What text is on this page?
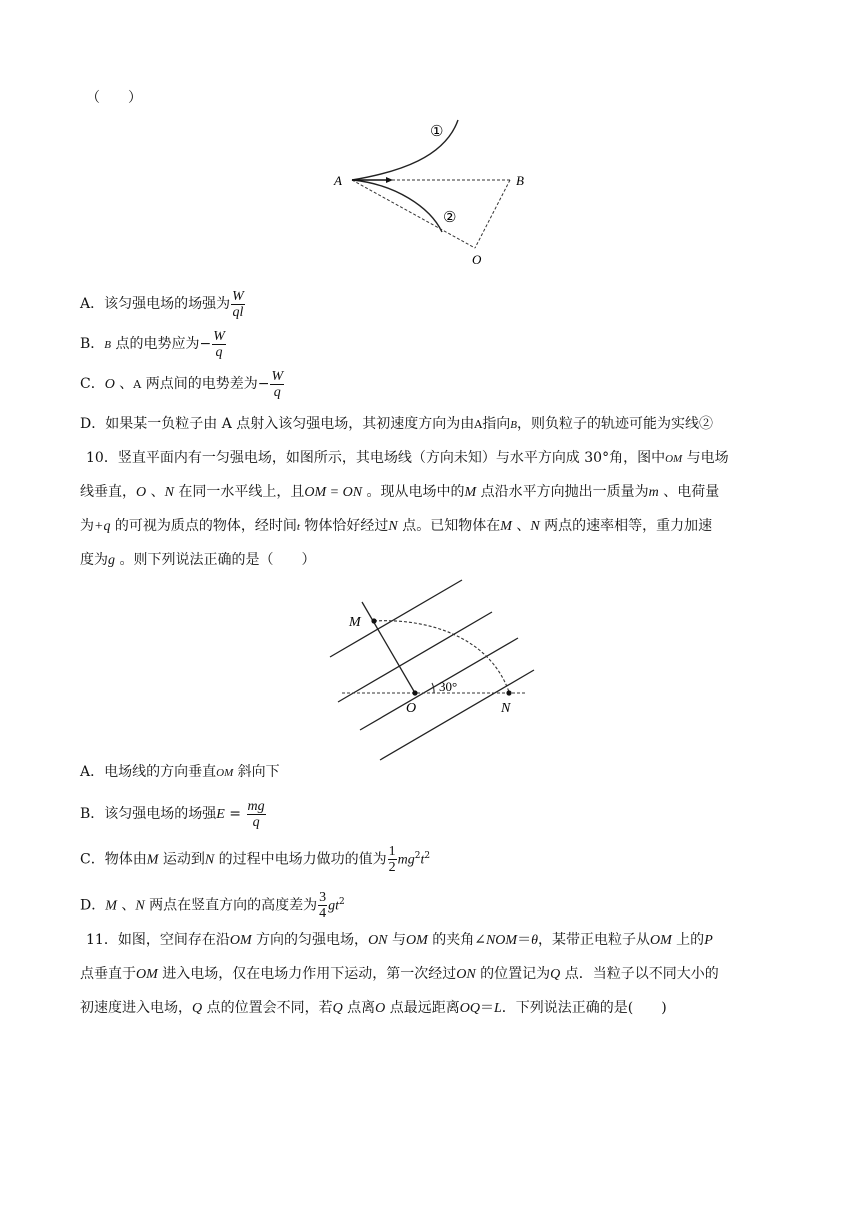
（　　）
A	B
O
①
②
A．该匀强电场的场强为 $\frac{W}{ql}$
B．B 点的电势应为− $\frac{W}{q}$
C．O 、A 两点间的电势差为− $\frac{W}{q}$
D．如果某一负粒子由 A 点射入该匀强电场，其初速度方向为由A指向B，则负粒子的轨迹可能为实线②
10．竖直平面内有一匀强电场，如图所示，其电场线（方向未知）与水平方向成 30°角，图中OM 与电场
线垂直，O 、N 在同一水平线上，且OM = ON 。现从电场中的M 点沿水平方向抛出一质量为m 、电荷量
为+q 的可视为质点的物体，经时间t 物体恰好经过N 点。已知物体在M 、N 两点的速率相等，重力加速
度为g 。则下列说法正确的是（　　）
M
O	N
30°
A．电场线的方向垂直OM 斜向下
B．该匀强电场的场强$E = \frac{mg}{q}$
C．物体由M 运动到N 的过程中电场力做功的值为 $\frac{1}{2} mg^2t^2$
D．M 、N 两点在竖直方向的高度差为 $\frac{3}{4} gt^2$
11．如图，空间存在沿OM 方向的匀强电场，ON 与OM 的夹角∠NOM＝θ，某带正电粒子从OM 上的P
点垂直于OM 进入电场，仅在电场力作用下运动，第一次经过ON 的位置记为Q 点．当粒子以不同大小的
初速度进入电场，Q 点的位置会不同，若Q 点离O 点最远距离OQ＝L．下列说法正确的是(　　)
